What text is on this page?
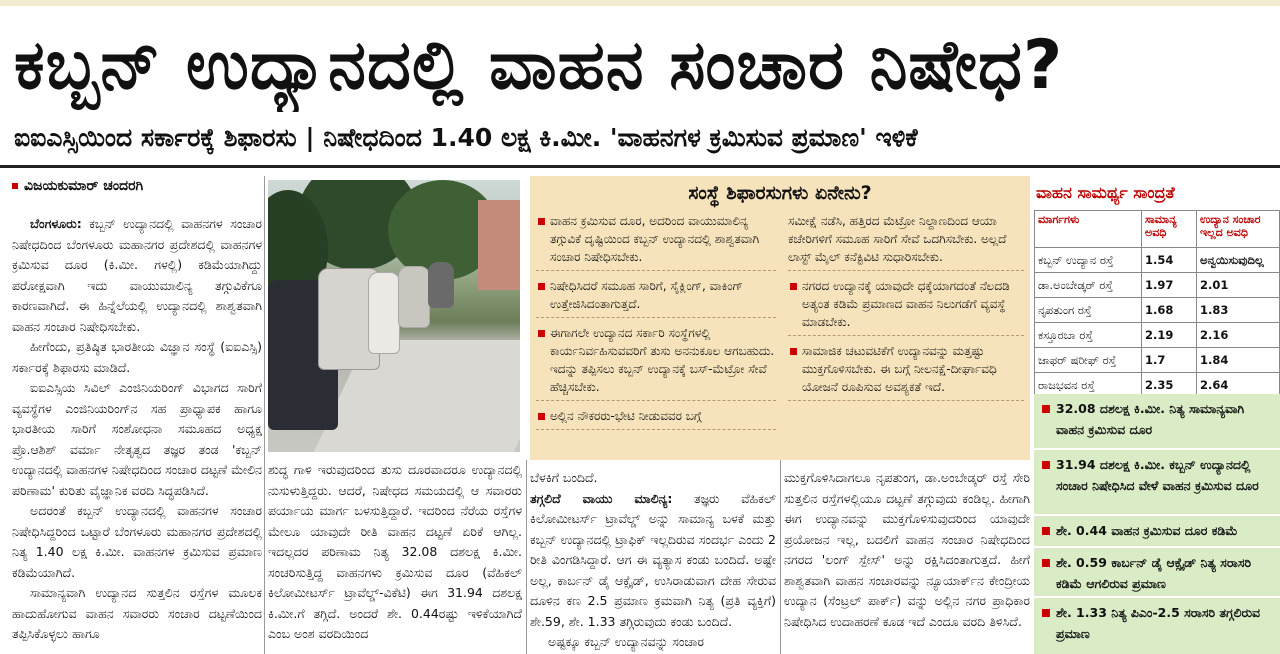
ಕಬ್ಬನ್ ಉದ್ಯಾನದಲ್ಲಿ ವಾಹನ ಸಂಚಾರ ನಿಷೇಧ?
ಐಐಎಸ್ಸಿಯಿಂದ ಸರ್ಕಾರಕ್ಕೆ ಶಿಫಾರಸು | ನಿಷೇಧದಿಂದ 1.40 ಲಕ್ಷ ಕಿ.ಮೀ. 'ವಾಹನಗಳ ಕ್ರಮಿಸುವ ಪ್ರಮಾಣ' ಇಳಿಕೆ
ವಿಜಯಕುಮಾರ್ ಚಂದರಗಿ

ಬೆಂಗಳೂರು: ಕಬ್ಬನ್ ಉದ್ಯಾನದಲ್ಲಿ ವಾಹನಗಳ ಸಂಚಾರ ನಿಷೇಧದಿಂದ ಬೆಂಗಳೂರು ಮಹಾನಗರ ಪ್ರದೇಶದಲ್ಲಿ ವಾಹನಗಳ ಕ್ರಮಿಸುವ ದೂರ (ಕಿ.ಮೀ. ಗಳಲ್ಲಿ) ಕಡಿಮೆಯಾಗಿದ್ದು ಪರೋಕ್ಷವಾಗಿ ಇದು ವಾಯುಮಾಲಿನ್ಯ ತಗ್ಗುವಿಕೆಗೂ ಕಾರಣವಾಗಿದೆ. ಈ ಹಿನ್ನೆಲೆಯಲ್ಲಿ ಉದ್ಯಾನದಲ್ಲಿ ಶಾಶ್ವತವಾಗಿ ವಾಹನ ಸಂಚಾರ ನಿಷೇಧಿಸಬೇಕು.

ಹೀಗೆಂದು, ಪ್ರತಿಷ್ಠಿತ ಭಾರತೀಯ ವಿಜ್ಞಾನ ಸಂಸ್ಥೆ (ಐಐಎಸ್ಸಿ) ಸರ್ಕಾರಕ್ಕೆ ಶಿಫಾರಸು ಮಾಡಿದೆ.

ಐಐಎಸ್ಸಿಯ ಸಿವಿಲ್ ಎಂಜಿನಿಯರಿಂಗ್ ವಿಭಾಗದ ಸಾರಿಗೆ ವ್ಯವಸ್ಥೆಗಳ ಎಂಜಿನಿಯರಿಂಗ್‌ನ ಸಹ ಪ್ರಾಧ್ಯಾಪಕ ಹಾಗೂ ಭಾರತೀಯ ಸಾರಿಗೆ ಸಂಶೋಧನಾ ಸಮೂಹದ ಅಧ್ಯಕ್ಷ ಪ್ರೊ.ಆಶಿಶ್ ವರ್ಮಾ ನೇತೃತ್ವದ ತಜ್ಞರ ತಂಡ 'ಕಬ್ಬನ್ ಉದ್ಯಾನದಲ್ಲಿ ವಾಹನಗಳ ನಿಷೇಧದಿಂದ ಸಂಚಾರ ದಟ್ಟಣೆ ಮೇಲಿನ ಪರಿಣಾಮ' ಕುರಿತು ವೈಜ್ಞಾನಿಕ ವರದಿ ಸಿದ್ಧಪಡಿಸಿದೆ.

ಅದರಂತೆ ಕಬ್ಬನ್ ಉದ್ಯಾನದಲ್ಲಿ ವಾಹನಗಳ ಸಂಚಾರ ನಿಷೇಧಿಸಿದ್ದರಿಂದ ಒಟ್ಟಾರೆ ಬೆಂಗಳೂರು ಮಹಾನಗರ ಪ್ರದೇಶದಲ್ಲಿ ನಿತ್ಯ 1.40 ಲಕ್ಷ ಕಿ.ಮೀ. ವಾಹನಗಳ ಕ್ರಮಿಸುವ ಪ್ರಮಾಣ ಕಡಿಮೆಯಾಗಿದೆ.

ಸಾಮಾನ್ಯವಾಗಿ ಉದ್ಯಾನದ ಸುತ್ತಲಿನ ರಸ್ತೆಗಳ ಮೂಲಕ ಹಾದುಹೋಗುವ ವಾಹನ ಸವಾರರು ಸಂಚಾರ ದಟ್ಟಣೆಯಿಂದ ತಪ್ಪಿಸಿಕೊಳ್ಳಲು ಹಾಗೂ

ಶುದ್ಧ ಗಾಳಿ ಇರುವುದರಿಂದ ತುಸು ದೂರವಾದರೂ ಉದ್ಯಾನದಲ್ಲಿ ನುಸುಳುತ್ತಿದ್ದರು. ಆದರೆ, ನಿಷೇಧದ ಸಮಯದಲ್ಲಿ ಆ ಸವಾರರು ಪರ್ಯಾಯ ಮಾರ್ಗ ಬಳಸುತ್ತಿದ್ದಾರೆ. ಇದರಿಂದ ನೆರೆಯ ರಸ್ತೆಗಳ ಮೇಲೂ ಯಾವುದೇ ರೀತಿ ವಾಹನ ದಟ್ಟಣೆ ಏರಿಕೆ ಆಗಿಲ್ಲ. ಇದಲ್ಲದರ ಪರಿಣಾಮ ನಿತ್ಯ 32.08 ದಶಲಕ್ಷ ಕಿ.ಮೀ. ಸಂಚರಿಸುತ್ತಿದ್ದ ವಾಹನಗಳು ಕ್ರಮಿಸುವ ದೂರ (ವೆಹಿಕಲ್ ಕಿಲೋಮೀಟರ್ಸ್ ಟ್ರಾವೆಲ್ಡ್-ವಿಕೆಟಿ) ಈಗ 31.94 ದಶಲಕ್ಷ ಕಿ.ಮೀ.ಗೆ ತಗ್ಗಿದೆ. ಅಂದರೆ ಶೇ. 0.44ರಷ್ಟು ಇಳಿಕೆಯಾಗಿದೆ ಎಂಬ ಅಂಶ ವರದಿಯಿಂದ

ಸಂಸ್ಥೆ ಶಿಫಾರಸುಗಳು ಏನೇನು?
ವಾಹನ ಕ್ರಮಿಸುವ ದೂರ, ಅದರಿಂದ ವಾಯುಮಾಲಿನ್ಯ ತಗ್ಗುವಿಕೆ ದೃಷ್ಟಿಯಿಂದ ಕಬ್ಬನ್ ಉದ್ಯಾನದಲ್ಲಿ ಶಾಶ್ವತವಾಗಿ ಸಂಚಾರ ನಿಷೇಧಿಸಬೇಕು.
ನಿಷೇಧಿಸಿದರೆ ಸಮೂಹ ಸಾರಿಗೆ, ಸೈಕ್ಲಿಂಗ್, ವಾಕಿಂಗ್ ಉತ್ತೇಜಿಸಿದಂತಾಗುತ್ತದೆ.
ಈಗಾಗಲೇ ಉದ್ಯಾನದ ಸರ್ಕಾರಿ ಸಂಸ್ಥೆಗಳಲ್ಲಿ ಕಾರ್ಯನಿರ್ವಹಿಸುವವರಿಗೆ ತುಸು ಅನನುಕೂಲ ಆಗಬಹುದು. ಇದನ್ನು ತಪ್ಪಿಸಲು ಕಬ್ಬನ್ ಉದ್ಯಾನಕ್ಕೆ ಬಸ್-ಮೆಟ್ರೋ ಸೇವೆ ಹೆಚ್ಚಿಸಬೇಕು.
ಅಲ್ಲಿನ ನೌಕರರು-ಭೇಟಿ ನೀಡುವವರ ಬಗ್ಗೆ
ಸಮೀಕ್ಷೆ ನಡೆಸಿ, ಹತ್ತಿರದ ಮೆಟ್ರೋ ನಿಲ್ದಾಣದಿಂದ ಆಯಾ ಕಚೇರಿಗಳಿಗೆ ಸಮೂಹ ಸಾರಿಗೆ ಸೇವೆ ಒದಗಿಸಬೇಕು. ಅಲ್ಲದೆ ಲಾಸ್ಟ್ ಮೈಲ್ ಕನೆಕ್ಟಿವಿಟಿ ಸುಧಾರಿಸಬೇಕು.
ನಗರದ ಉದ್ಯಾನಕ್ಕೆ ಯಾವುದೇ ಧಕ್ಕೆಯಾಗದಂತೆ ನೆಲದಡಿ ಅತ್ಯಂತ ಕಡಿಮೆ ಪ್ರಮಾಣದ ವಾಹನ ನಿಲುಗಡೆಗೆ ವ್ಯವಸ್ಥೆ ಮಾಡಬೇಕು.
ಸಾಮಾಜಿಕ ಚಟುವಟಿಕೆಗೆ ಉದ್ಯಾನವನ್ನು ಮತ್ತಷ್ಟು ಮುಕ್ತಗೊಳಿಸಬೇಕು. ಈ ಬಗ್ಗೆ ನೀಲನಕ್ಷೆ-ದೀರ್ಘಾವಧಿ ಯೋಜನೆ ರೂಪಿಸುವ ಅವಶ್ಯಕತೆ ಇದೆ.

ಬೆಳಕಿಗೆ ಬಂದಿದೆ.

ತಗ್ಗಲಿದೆ ವಾಯು ಮಾಲಿನ್ಯ: ತಜ್ಞರು ವೆಹಿಕಲ್ ಕಿಲೋಮೀಟರ್ಸ್ ಟ್ರಾವೆಲ್ಡ್ ಅನ್ನು ಸಾಮಾನ್ಯ ಬಳಕೆ ಮತ್ತು ಕಬ್ಬನ್ ಉದ್ಯಾನದಲ್ಲಿ ಟ್ರಾಫಿಕ್ ಇಲ್ಲದಿರುವ ಸಂದರ್ಭ ಎಂದು 2 ರೀತಿ ವಿಂಗಡಿಸಿದ್ದಾರೆ. ಆಗ ಈ ವ್ಯತ್ಯಾಸ ಕಂಡು ಬಂದಿದೆ. ಅಷ್ಟೇ ಅಲ್ಲ, ಕಾರ್ಬನ್ ಡೈ ಆಕ್ಸೈಡ್, ಉಸಿರಾಡುವಾಗ ದೇಹ ಸೇರುವ ದೂಳಿನ ಕಣ 2.5 ಪ್ರಮಾಣ ಕ್ರಮವಾಗಿ ನಿತ್ಯ (ಪ್ರತಿ ವ್ಯಕ್ತಿಗೆ) ಶೇ.59, ಶೇ. 1.33 ತಗ್ಗಿರುವುದು ಕಂಡು ಬಂದಿದೆ.

ಅಷ್ಟಕ್ಕೂ ಕಬ್ಬನ್ ಉದ್ಯಾನವನ್ನು ಸಂಚಾರ

ಮುಕ್ತಗೊಳಿಸಿದಾಗಲೂ ನೃಪತುಂಗ, ಡಾ.ಅಂಬೇಡ್ಕರ್ ರಸ್ತೆ ಸೇರಿ ಸುತ್ತಲಿನ ರಸ್ತೆಗಳಲ್ಲಿಯೂ ದಟ್ಟಣೆ ತಗ್ಗುವುದು ಕಂಡಿಲ್ಲ. ಹೀಗಾಗಿ ಈಗ ಉದ್ಯಾನವನ್ನು ಮುಕ್ತಗೊಳಿಸುವುದರಿಂದ ಯಾವುದೇ ಪ್ರಯೋಜನ ಇಲ್ಲ, ಬದಲಿಗೆ ವಾಹನ ಸಂಚಾರ ನಿಷೇಧದಿಂದ ನಗರದ 'ಲಂಗ್ ಸ್ಪೇಸ್' ಅನ್ನು ರಕ್ಷಿಸಿದಂತಾಗುತ್ತದೆ. ಹೀಗೆ ಶಾಶ್ವತವಾಗಿ ವಾಹನ ಸಂಚಾರವನ್ನು ನ್ಯೂಯಾರ್ಕ್‌ನ ಕೇಂದ್ರೀಯ ಉದ್ಯಾನ (ಸೆಂಟ್ರಲ್ ಪಾರ್ಕ್) ವನ್ನು ಅಲ್ಲಿನ ನಗರ ಪ್ರಾಧಿಕಾರ ನಿಷೇಧಿಸಿದ ಉದಾಹರಣೆ ಕೂಡ ಇದೆ ಎಂದೂ ವರದಿ ತಿಳಿಸಿದೆ.

ವಾಹನ ಸಾಮರ್ಥ್ಯ ಸಾಂದ್ರತೆ
ಮಾರ್ಗಗಳು	ಸಾಮಾನ್ಯ ಅವಧಿ	ಉದ್ಯಾನ ಸಂಚಾರ ಇಲ್ಲದ ಅವಧಿ
ಕಬ್ಬನ್ ಉದ್ಯಾನ ರಸ್ತೆ	1.54	ಅನ್ವಯಿಸುವುದಿಲ್ಲ
ಡಾ.ಅಂಬೇಡ್ಕರ್ ರಸ್ತೆ	1.97	2.01
ನೃಪತುಂಗ ರಸ್ತೆ	1.68	1.83
ಕಸ್ತೂರಬಾ ರಸ್ತೆ	2.19	2.16
ಜಾಫರ್ ಷರೀಫ್ ರಸ್ತೆ	1.7	1.84
ರಾಜಭವನ ರಸ್ತೆ	2.35	2.64
32.08 ದಶಲಕ್ಷ ಕಿ.ಮೀ. ನಿತ್ಯ ಸಾಮಾನ್ಯವಾಗಿ ವಾಹನ ಕ್ರಮಿಸುವ ದೂರ
31.94 ದಶಲಕ್ಷ ಕಿ.ಮೀ. ಕಬ್ಬನ್ ಉದ್ಯಾನದಲ್ಲಿ ಸಂಚಾರ ನಿಷೇಧಿಸಿದ ವೇಳೆ ವಾಹನ ಕ್ರಮಿಸುವ ದೂರ
ಶೇ. 0.44 ವಾಹನ ಕ್ರಮಿಸುವ ದೂರ ಕಡಿಮೆ
ಶೇ. 0.59 ಕಾರ್ಬನ್ ಡೈ ಆಕ್ಸೈಡ್ ನಿತ್ಯ ಸರಾಸರಿ ಕಡಿಮೆ ಆಗಲಿರುವ ಪ್ರಮಾಣ
ಶೇ. 1.33 ನಿತ್ಯ ಪಿಎಂ-2.5 ಸರಾಸರಿ ತಗ್ಗಲಿರುವ ಪ್ರಮಾಣ
